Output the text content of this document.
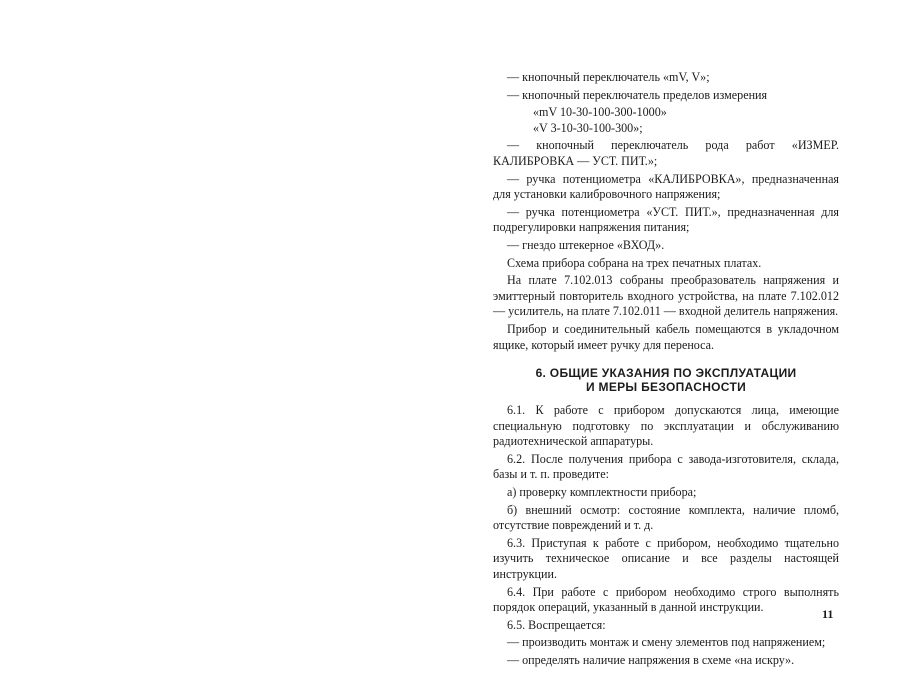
— кнопочный переключатель «mV, V»;

— кнопочный переключатель пределов измерения

«mV 10-30-100-300-1000»

«V 3-10-30-100-300»;

— кнопочный переключатель рода работ «ИЗМЕР. КАЛИБРОВКА — УСТ. ПИТ.»;

— ручка потенциометра «КАЛИБРОВКА», предназначенная для установки калибровочного напряжения;

— ручка потенциометра «УСТ. ПИТ.», предназначенная для подрегулировки напряжения питания;

— гнездо штекерное «ВХОД».

Схема прибора собрана на трех печатных платах.

На плате 7.102.013 собраны преобразователь напряжения и эмиттерный повторитель входного устройства, на плате 7.102.012 — усилитель, на плате 7.102.011 — входной делитель напряжения.

Прибор и соединительный кабель помещаются в укладочном ящике, который имеет ручку для переноса.

6. ОБЩИЕ УКАЗАНИЯ ПО ЭКСПЛУАТАЦИИ
И МЕРЫ БЕЗОПАСНОСТИ

6.1. К работе с прибором допускаются лица, имеющие специальную подготовку по эксплуатации и обслуживанию радиотехнической аппаратуры.

6.2. После получения прибора с завода-изготовителя, склада, базы и т. п. проведите:

а) проверку комплектности прибора;

б) внешний осмотр: состояние комплекта, наличие пломб, отсутствие повреждений и т. д.

6.3. Приступая к работе с прибором, необходимо тщательно изучить техническое описание и все разделы настоящей инструкции.

6.4. При работе с прибором необходимо строго выполнять порядок операций, указанный в данной инструкции.

6.5. Воспрещается:

— производить монтаж и смену элементов под напряжением;

— определять наличие напряжения в схеме «на искру».

11
